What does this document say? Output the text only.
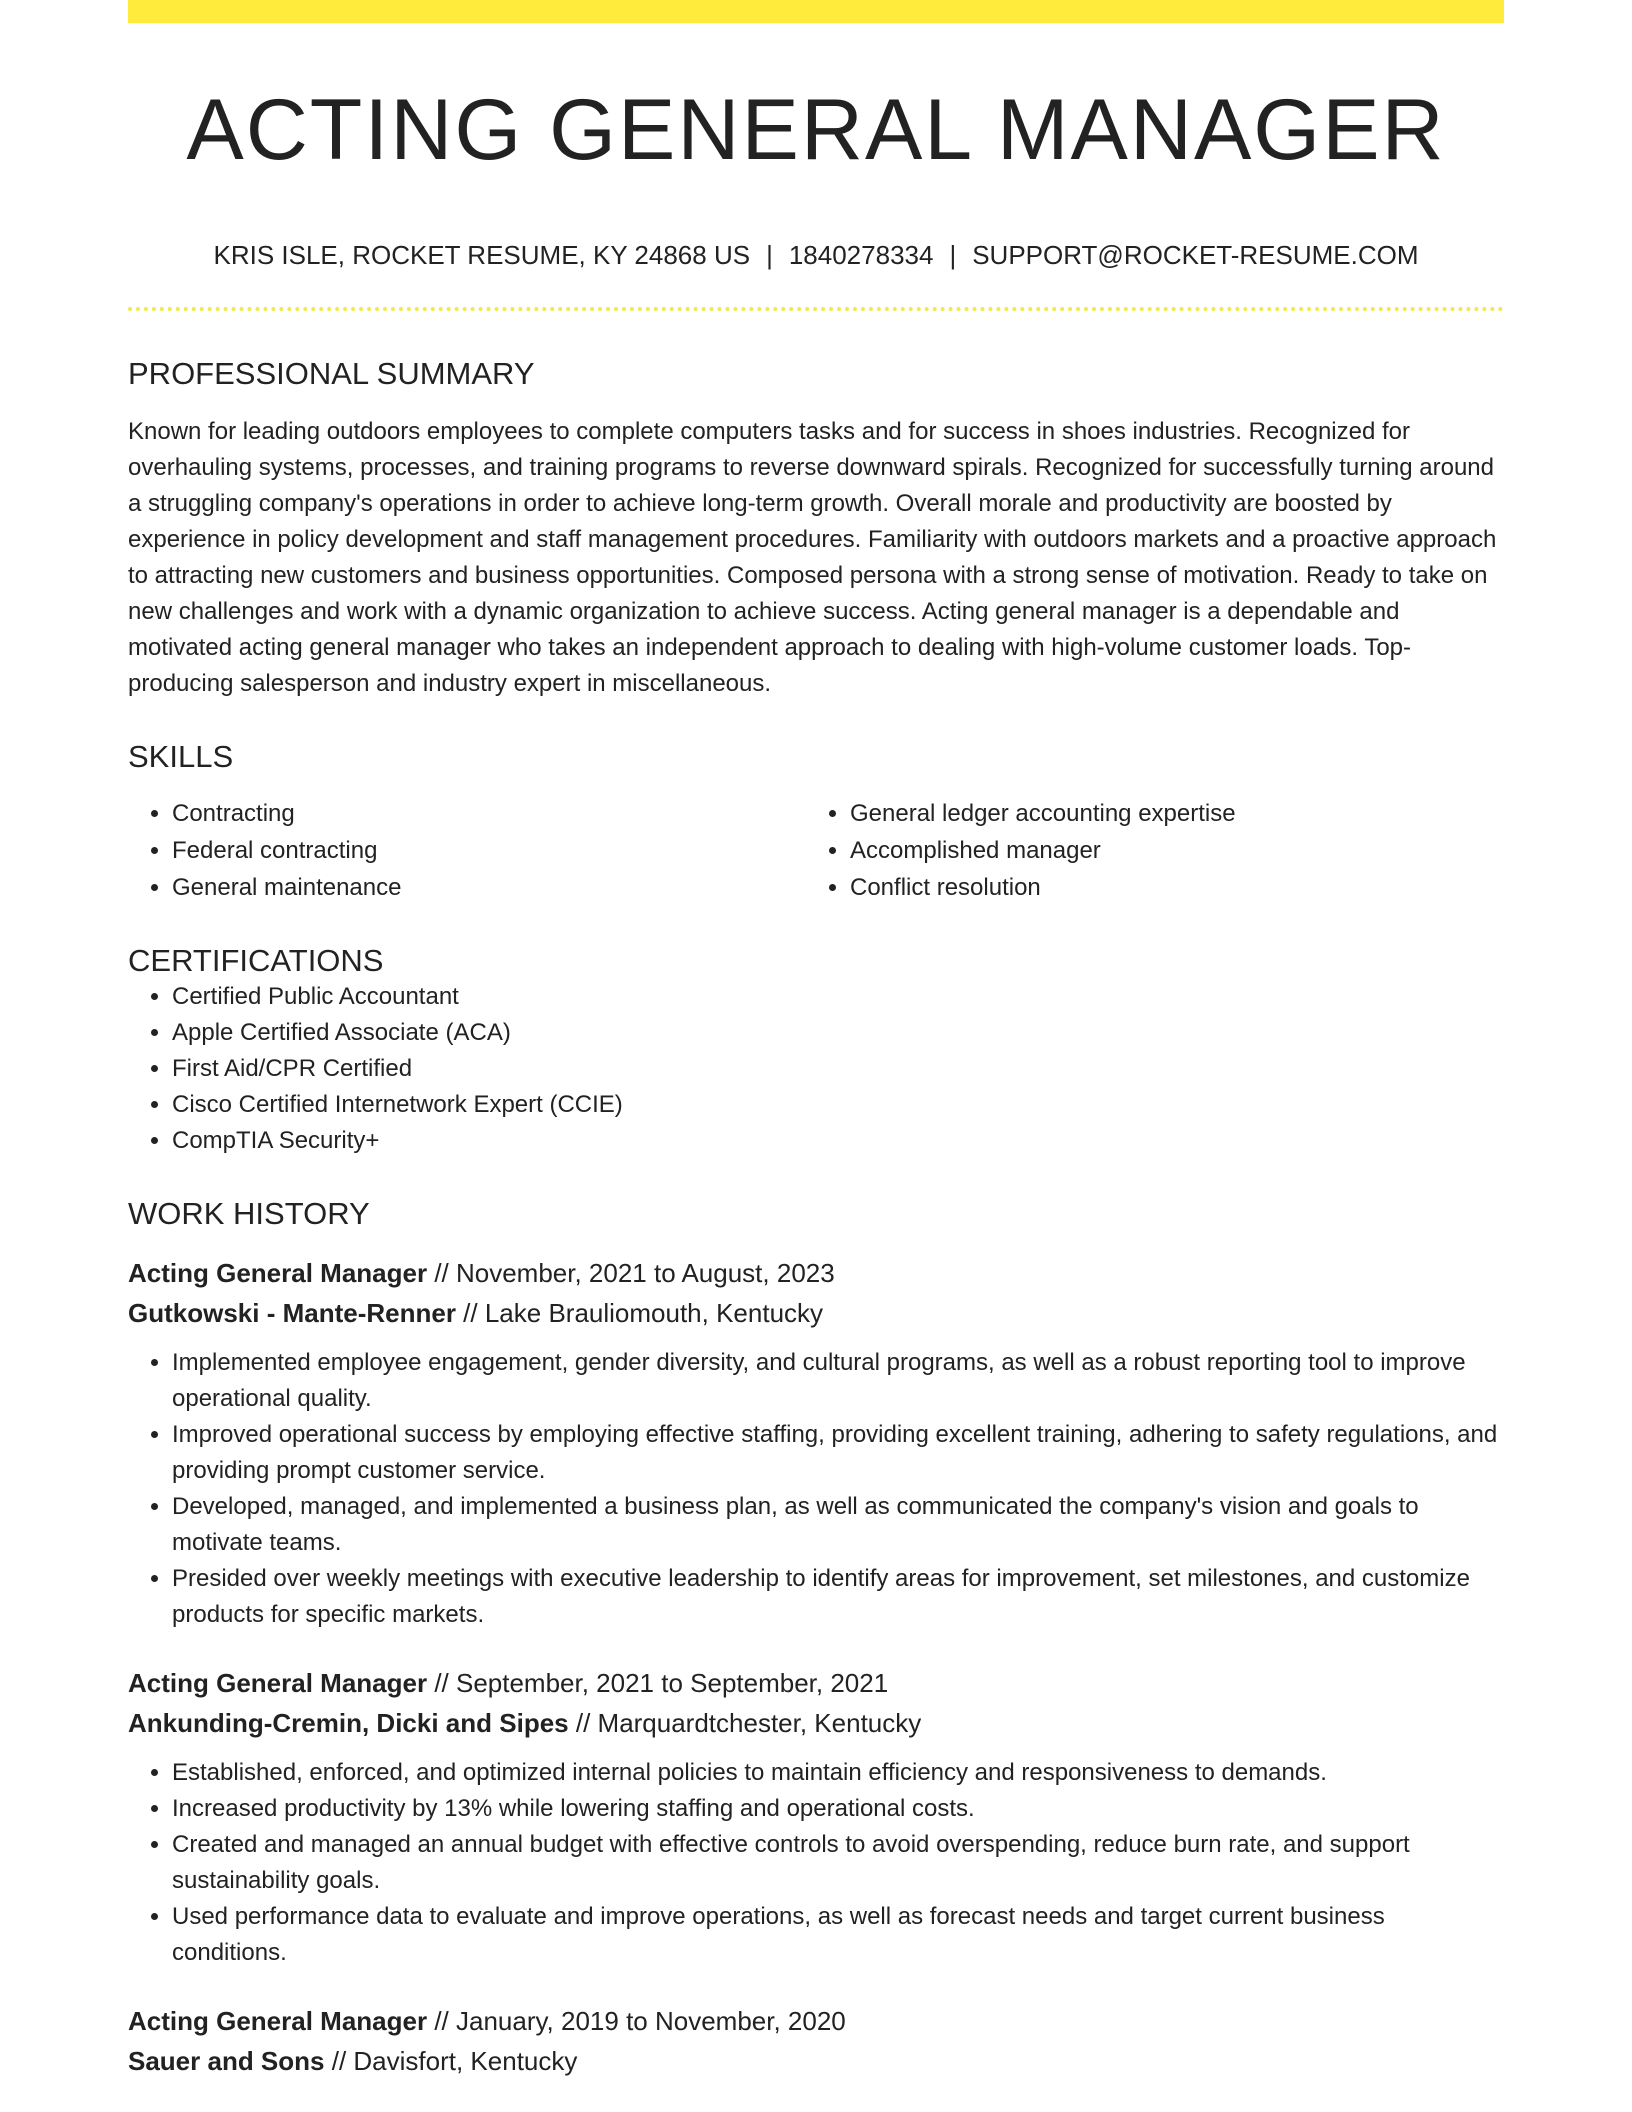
ACTING GENERAL MANAGER
KRIS ISLE, ROCKET RESUME, KY 24868 US | 1840278334 | SUPPORT@ROCKET-RESUME.COM
PROFESSIONAL SUMMARY

Known for leading outdoors employees to complete computers tasks and for success in shoes industries. Recognized for overhauling systems, processes, and training programs to reverse downward spirals. Recognized for successfully turning around a struggling company's operations in order to achieve long-term growth. Overall morale and productivity are boosted by experience in policy development and staff management procedures. Familiarity with outdoors markets and a proactive approach to attracting new customers and business opportunities. Composed persona with a strong sense of motivation. Ready to take on new challenges and work with a dynamic organization to achieve success. Acting general manager is a dependable and motivated acting general manager who takes an independent approach to dealing with high-volume customer loads. Top-producing salesperson and industry expert in miscellaneous.

SKILLS
• Contracting
• Federal contracting
• General maintenance
• General ledger accounting expertise
• Accomplished manager
• Conflict resolution
CERTIFICATIONS
• Certified Public Accountant
• Apple Certified Associate (ACA)
• First Aid/CPR Certified
• Cisco Certified Internetwork Expert (CCIE)
• CompTIA Security+
WORK HISTORY
Acting General Manager // November, 2021 to August, 2023
Gutkowski - Mante-Renner // Lake Brauliomouth, Kentucky
• Implemented employee engagement, gender diversity, and cultural programs, as well as a robust reporting tool to improve operational quality.
• Improved operational success by employing effective staffing, providing excellent training, adhering to safety regulations, and providing prompt customer service.
• Developed, managed, and implemented a business plan, as well as communicated the company's vision and goals to motivate teams.
• Presided over weekly meetings with executive leadership to identify areas for improvement, set milestones, and customize products for specific markets.
Acting General Manager // September, 2021 to September, 2021
Ankunding-Cremin, Dicki and Sipes // Marquardtchester, Kentucky
• Established, enforced, and optimized internal policies to maintain efficiency and responsiveness to demands.
• Increased productivity by 13% while lowering staffing and operational costs.
• Created and managed an annual budget with effective controls to avoid overspending, reduce burn rate, and support sustainability goals.
• Used performance data to evaluate and improve operations, as well as forecast needs and target current business conditions.
Acting General Manager // January, 2019 to November, 2020
Sauer and Sons // Davisfort, Kentucky
